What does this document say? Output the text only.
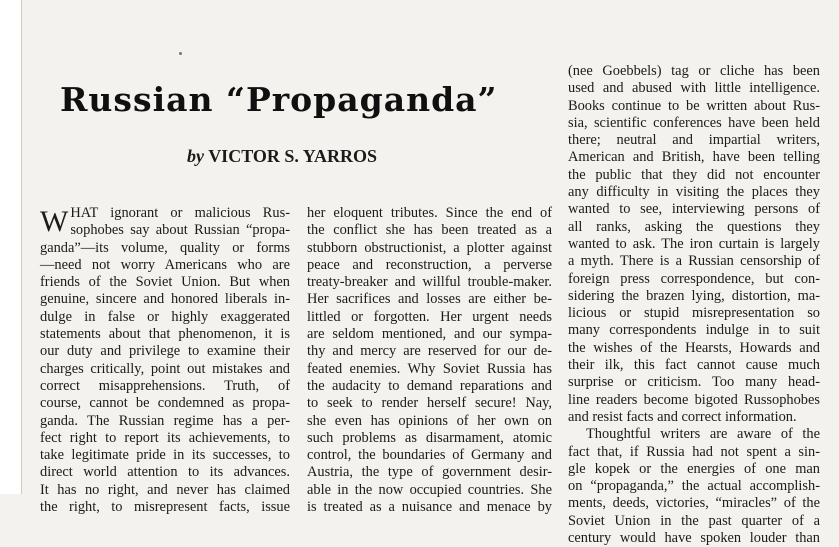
Russian “Propaganda”

by VICTOR S. YARROS

W HAT ignorant or malicious Rus-
sophobes say about Russian “propa-
ganda”—its volume, quality or forms
—need not worry Americans who are
friends of the Soviet Union. But when
genuine, sincere and honored liberals in-
dulge in false or highly exaggerated
statements about that phenomenon, it is
our duty and privilege to examine their
charges critically, point out mistakes and
correct misapprehensions. Truth, of
course, cannot be condemned as propa-
ganda. The Russian regime has a per-
fect right to report its achievements, to
take legitimate pride in its successes, to
direct world attention to its advances.
It has no right, and never has claimed
the right, to misrepresent facts, issue
her eloquent tributes. Since the end of
the conflict she has been treated as a
stubborn obstructionist, a plotter against
peace and reconstruction, a perverse
treaty-breaker and willful trouble-maker.
Her sacrifices and losses are either be-
littled or forgotten. Her urgent needs
are seldom mentioned, and our sympa-
thy and mercy are reserved for our de-
feated enemies. Why Soviet Russia has
the audacity to demand reparations and
to seek to render herself secure! Nay,
she even has opinions of her own on
such problems as disarmament, atomic
control, the boundaries of Germany and
Austria, the type of government desir-
able in the now occupied countries. She
is treated as a nuisance and menace by
(nee Goebbels) tag or cliche has been
used and abused with little intelligence.
Books continue to be written about Rus-
sia, scientific conferences have been held
there; neutral and impartial writers,
American and British, have been telling
the public that they did not encounter
any difficulty in visiting the places they
wanted to see, interviewing persons of
all ranks, asking the questions they
wanted to ask. The iron curtain is largely
a myth. There is a Russian censorship of
foreign press correspondence, but con-
sidering the brazen lying, distortion, ma-
licious or stupid misrepresentation so
many correspondents indulge in to suit
the wishes of the Hearsts, Howards and
their ilk, this fact cannot cause much
surprise or criticism. Too many head-
line readers become bigoted Russophobes
and resist facts and correct information.
Thoughtful writers are aware of the
fact that, if Russia had not spent a sin-
gle kopek or the energies of one man
on “propaganda,” the actual accomplish-
ments, deeds, victories, “miracles” of the
Soviet Union in the past quarter of a
century would have spoken louder than
